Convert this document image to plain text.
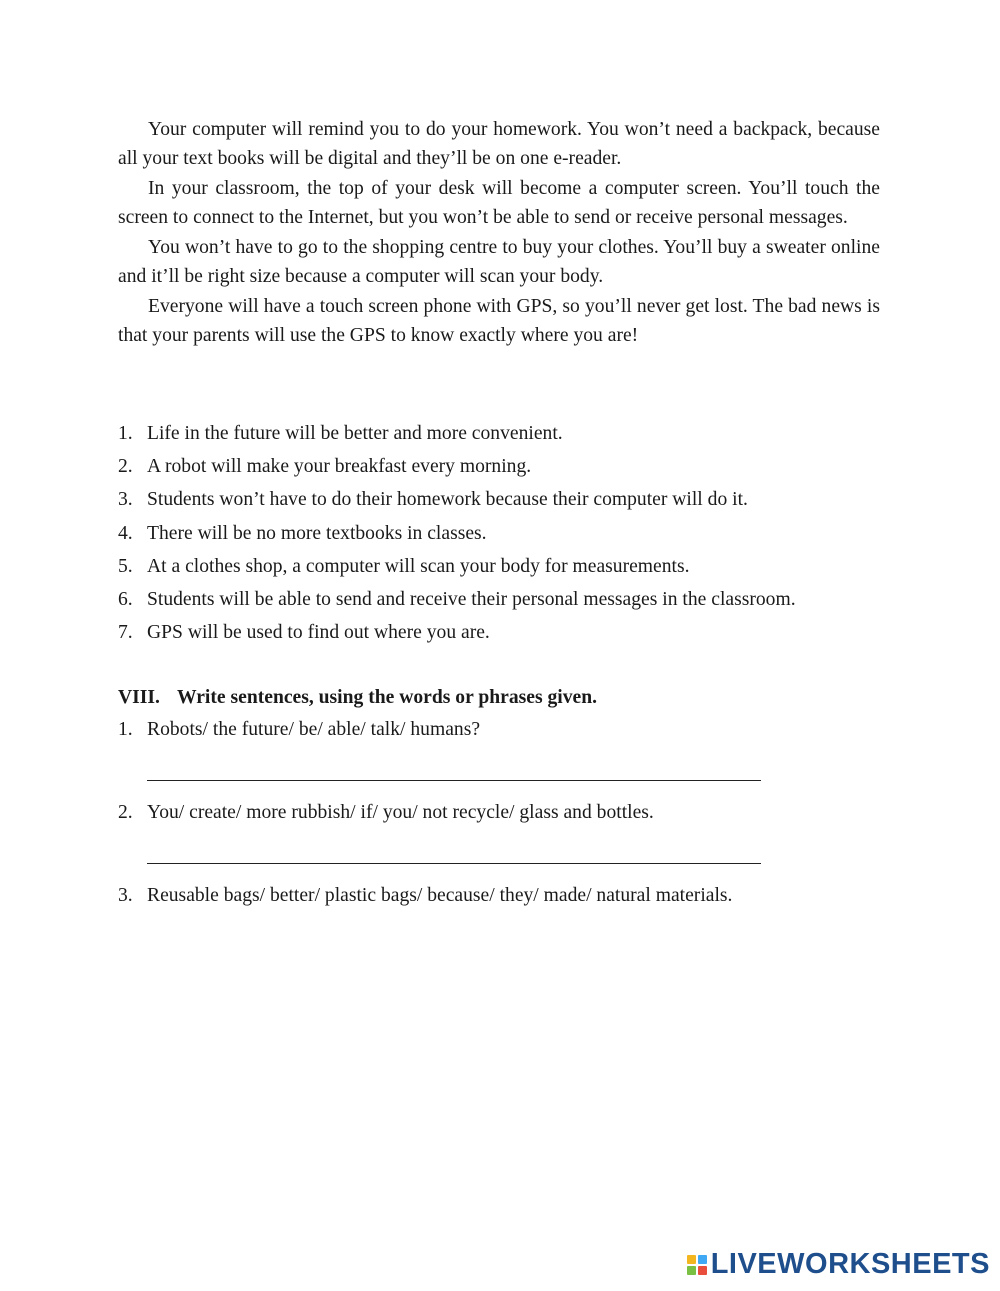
Your computer will remind you to do your homework. You won’t need a backpack, because all your text books will be digital and they’ll be on one e-reader.

In your classroom, the top of your desk will become a computer screen. You’ll touch the screen to connect to the Internet, but you won’t be able to send or receive personal messages.

You won’t have to go to the shopping centre to buy your clothes. You’ll buy a sweater online and it’ll be right size because a computer will scan your body.

Everyone will have a touch screen phone with GPS, so you’ll never get lost. The bad news is that your parents will use the GPS to know exactly where you are!

1. Life in the future will be better and more convenient.
2. A robot will make your breakfast every morning.
3. Students won’t have to do their homework because their computer will do it.
4. There will be no more textbooks in classes.
5. At a clothes shop, a computer will scan your body for measurements.
6. Students will be able to send and receive their personal messages in the classroom.
7. GPS will be used to find out where you are.
VIII. Write sentences, using the words or phrases given.
1. Robots/ the future/ be/ able/ talk/ humans?
2. You/ create/ more rubbish/ if/ you/ not recycle/ glass and bottles.
3. Reusable bags/ better/ plastic bags/ because/ they/ made/ natural materials.
LIVEWORKSHEETS
